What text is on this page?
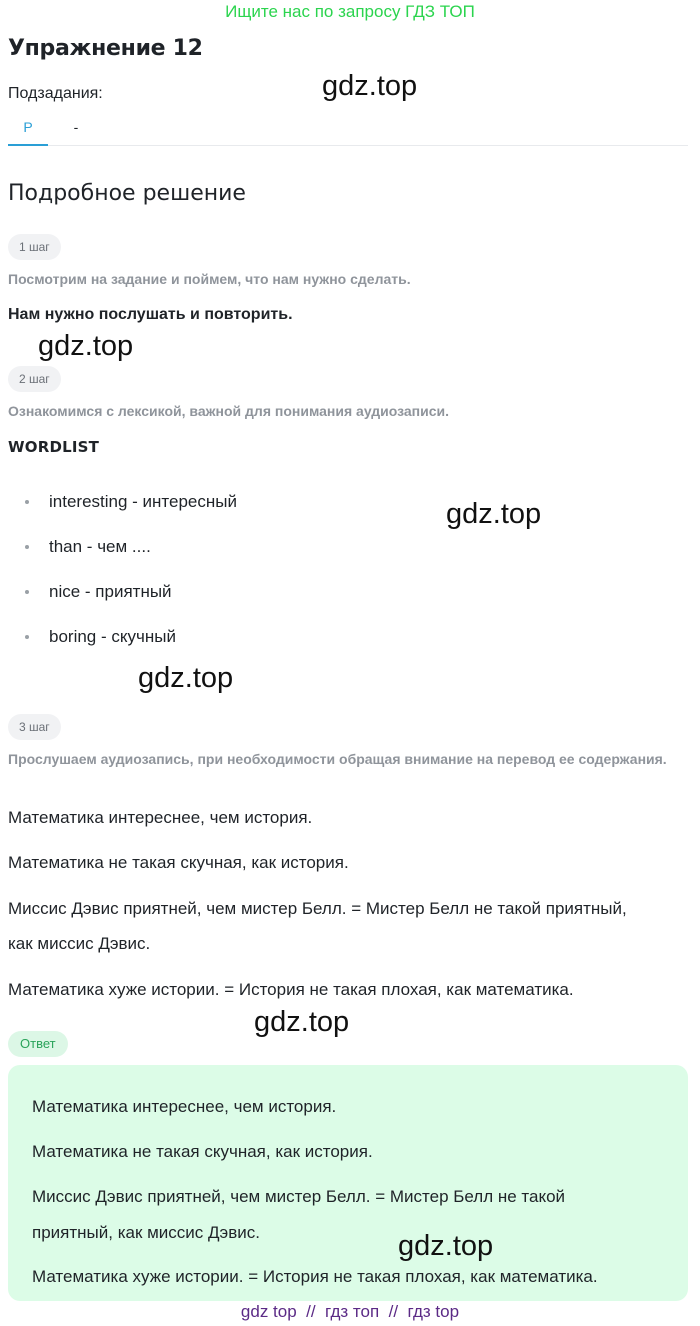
Ищите нас по запросу ГДЗ ТОП
Упражнение 12
Подзадания:
Р	-
gdz.top
Подробное решение
1 шаг
Посмотрим на задание и поймем, что нам нужно сделать.
Нам нужно послушать и повторить.
gdz.top
2 шаг
Ознакомимся с лексикой, важной для понимания аудиозаписи.
WORDLIST
interesting - интересный
than - чем ....
nice - приятный
boring - скучный
gdz.top
gdz.top
3 шаг
Прослушаем аудиозапись, при необходимости обращая внимание на перевод ее содержания.
Математика интереснее, чем история.
Математика не такая скучная, как история.
Миссис Дэвис приятней, чем мистер Белл. = Мистер Белл не такой приятный,
как миссис Дэвис.
Математика хуже истории. = История не такая плохая, как математика.
gdz.top
Ответ
Математика интереснее, чем история.
Математика не такая скучная, как история.
Миссис Дэвис приятней, чем мистер Белл. = Мистер Белл не такой
приятный, как миссис Дэвис.
Математика хуже истории. = История не такая плохая, как математика.
gdz.top
gdz top // гдз топ // гдз top
